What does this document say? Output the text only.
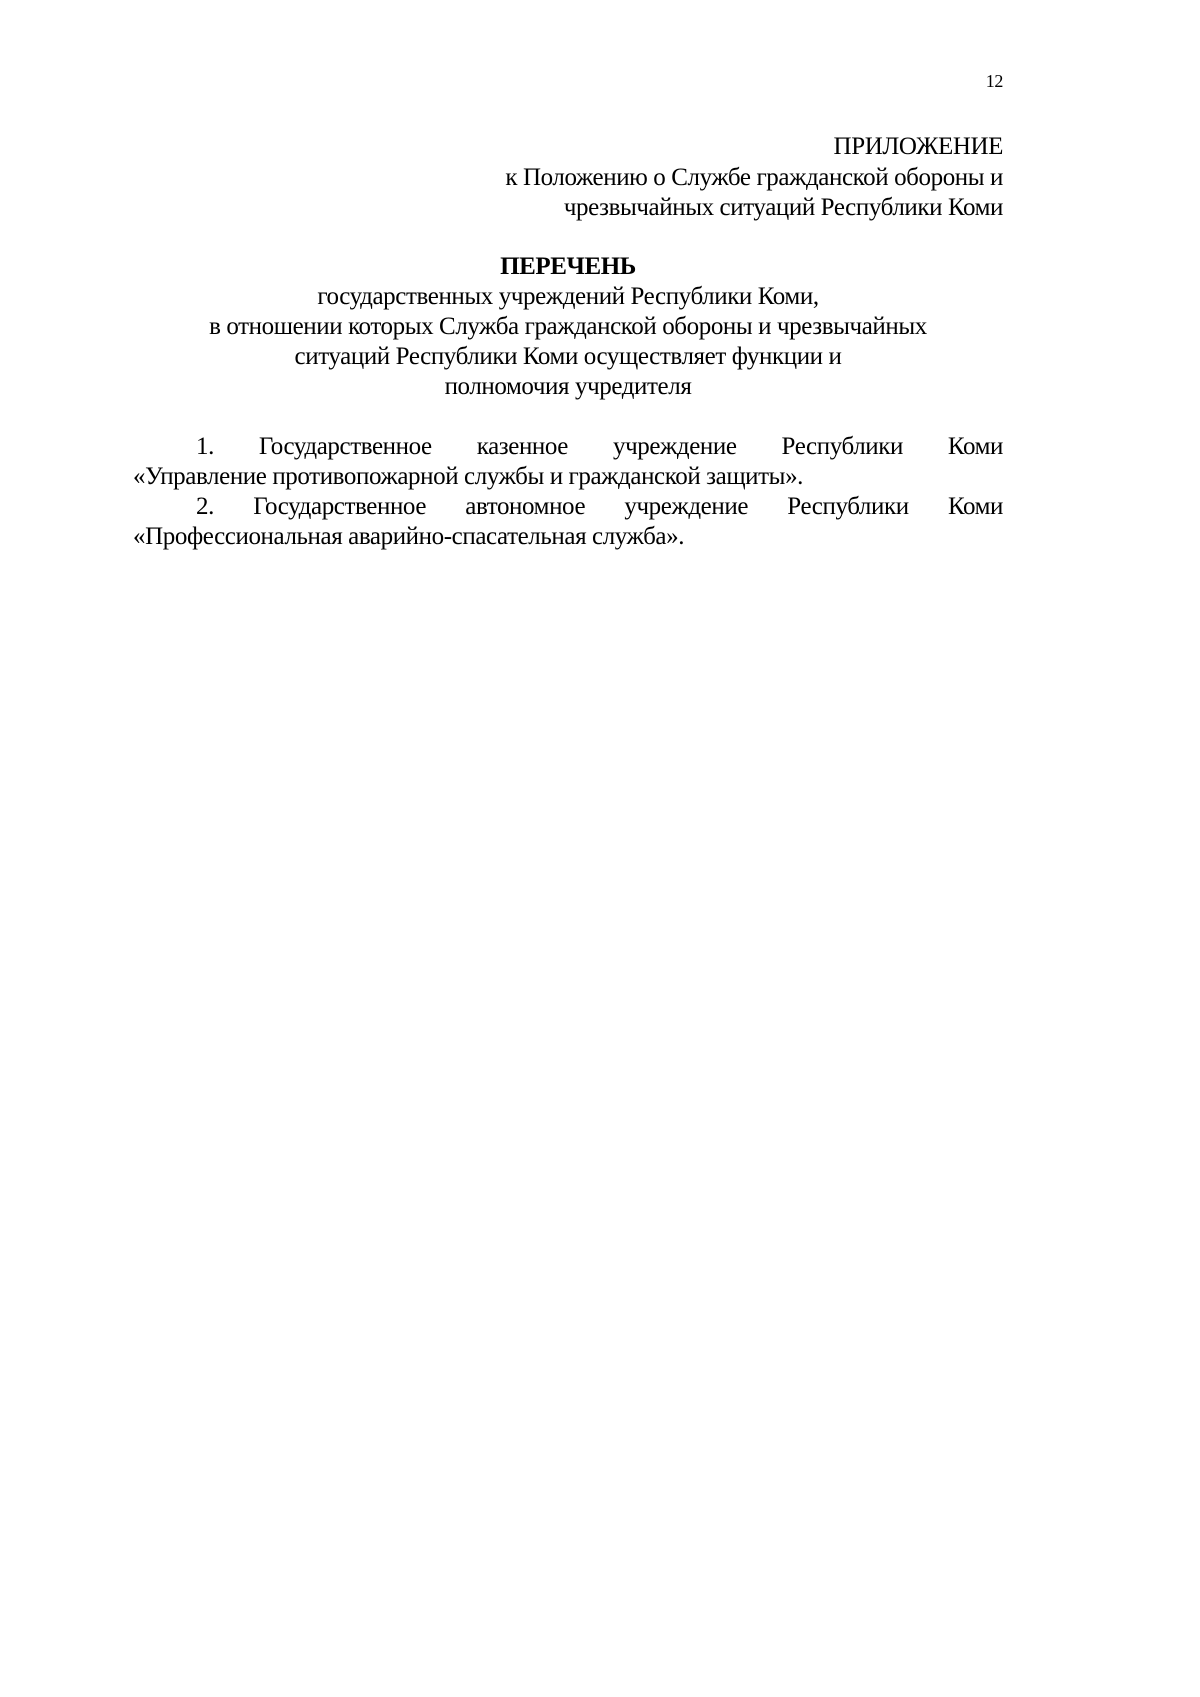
12
ПРИЛОЖЕНИЕ
к Положению о Службе гражданской обороны и
чрезвычайных ситуаций Республики Коми
ПЕРЕЧЕНЬ
государственных учреждений Республики Коми,
в отношении которых Служба гражданской обороны и чрезвычайных
ситуаций Республики Коми осуществляет функции и
полномочия учредителя
1. Государственное казенное учреждение Республики Коми
«Управление противопожарной службы и гражданской защиты».
2. Государственное автономное учреждение Республики Коми
«Профессиональная аварийно-спасательная служба».
